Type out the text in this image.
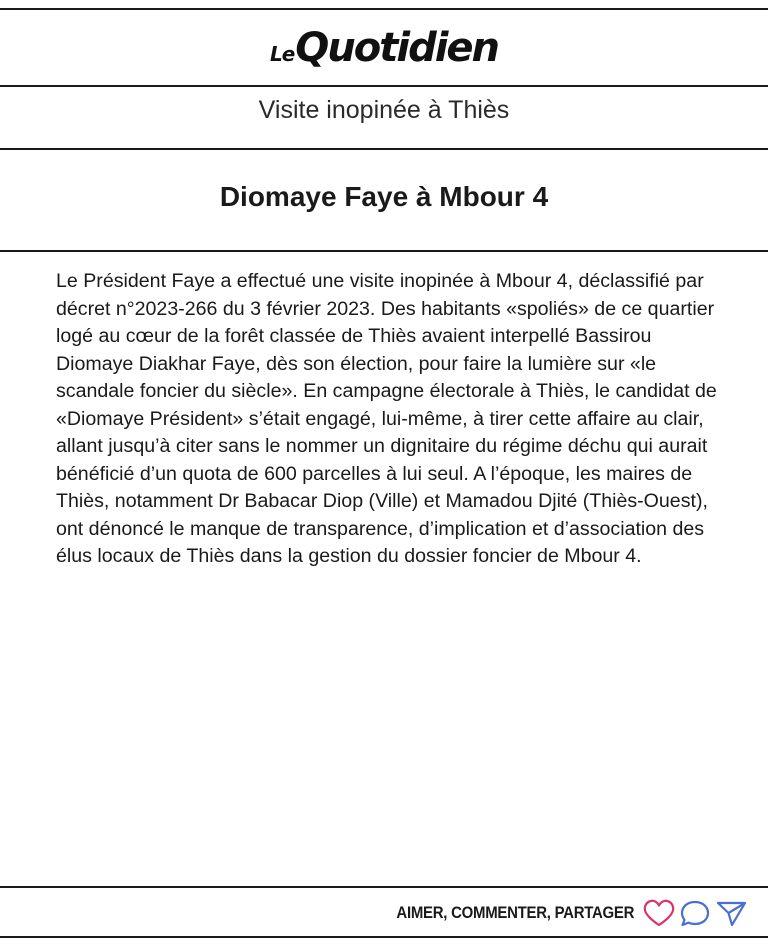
Le Quotidien
Visite inopinée à Thiès
Diomaye Faye à Mbour 4
Le Président Faye a effectué une visite inopinée à Mbour 4, déclassifié par décret n°2023-266 du 3 février 2023. Des habitants «spoliés» de ce quartier logé au cœur de la forêt classée de Thiès avaient interpellé Bassirou Diomaye Diakhar Faye, dès son élection, pour faire la lumière sur «le scandale foncier du siècle». En campagne électorale à Thiès, le candidat de «Diomaye Président» s’était engagé, lui-même, à tirer cette affaire au clair, allant jusqu’à citer sans le nommer un dignitaire du régime déchu qui aurait bénéficié d’un quota de 600 parcelles à lui seul. A l’époque, les maires de Thiès, notamment Dr Babacar Diop (Ville) et Mamadou Djité (Thiès-Ouest), ont dénoncé le manque de transparence, d’implication et d’association des élus locaux de Thiès dans la gestion du dossier foncier de Mbour 4.
AIMER, COMMENTER, PARTAGER
